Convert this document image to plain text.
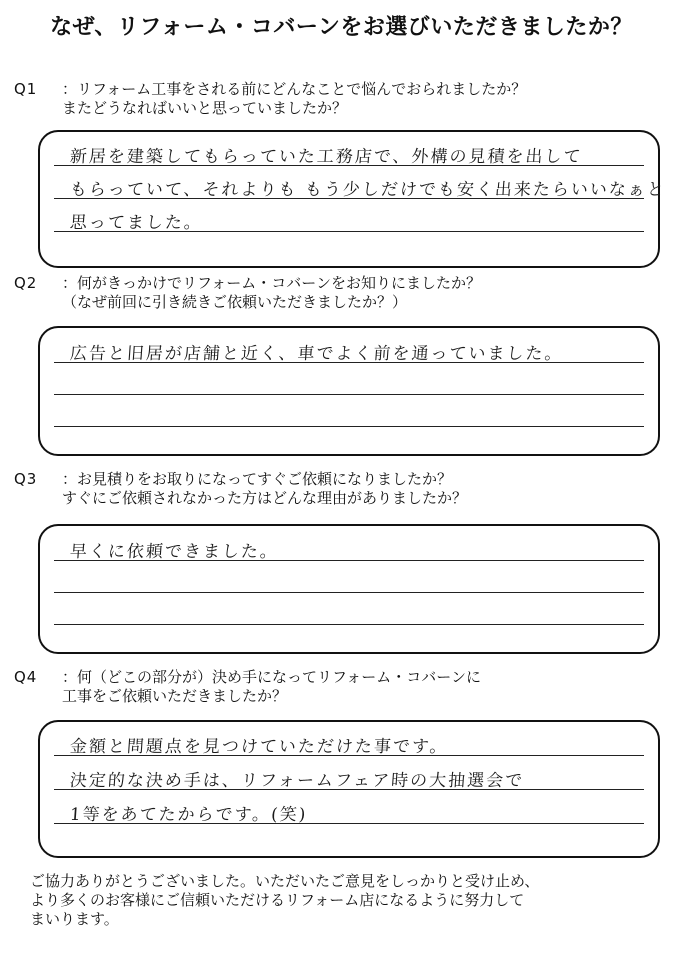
なぜ、リフォーム・コバーンをお選びいただきましたか？
Q1 ：リフォーム工事をされる前にどんなことで悩んでおられましたか？
またどうなればいいと思っていましたか？
新居を建築してもらっていた工務店で、外構の見積を出して
もらっていて、それよりも もう少しだけでも安く出来たらいいなぁと
思ってました。
Q2 ：何がきっかけでリフォーム・コバーンをお知りにましたか？
（なぜ前回に引き続きご依頼いただきましたか？）
広告と旧居が店舗と近く、車でよく前を通っていました。
Q3 ：お見積りをお取りになってすぐご依頼になりましたか？
すぐにご依頼されなかった方はどんな理由がありましたか？
早くに依頼できました。
Q4 ：何（どこの部分が）決め手になってリフォーム・コバーンに
工事をご依頼いただきましたか？
金額と問題点を見つけていただけた事です。
決定的な決め手は、リフォームフェア時の大抽選会で
1等をあてたからです。(笑)
ご協力ありがとうございました。いただいたご意見をしっかりと受け止め、
より多くのお客様にご信頼いただけるリフォーム店になるように努力して
まいります。
